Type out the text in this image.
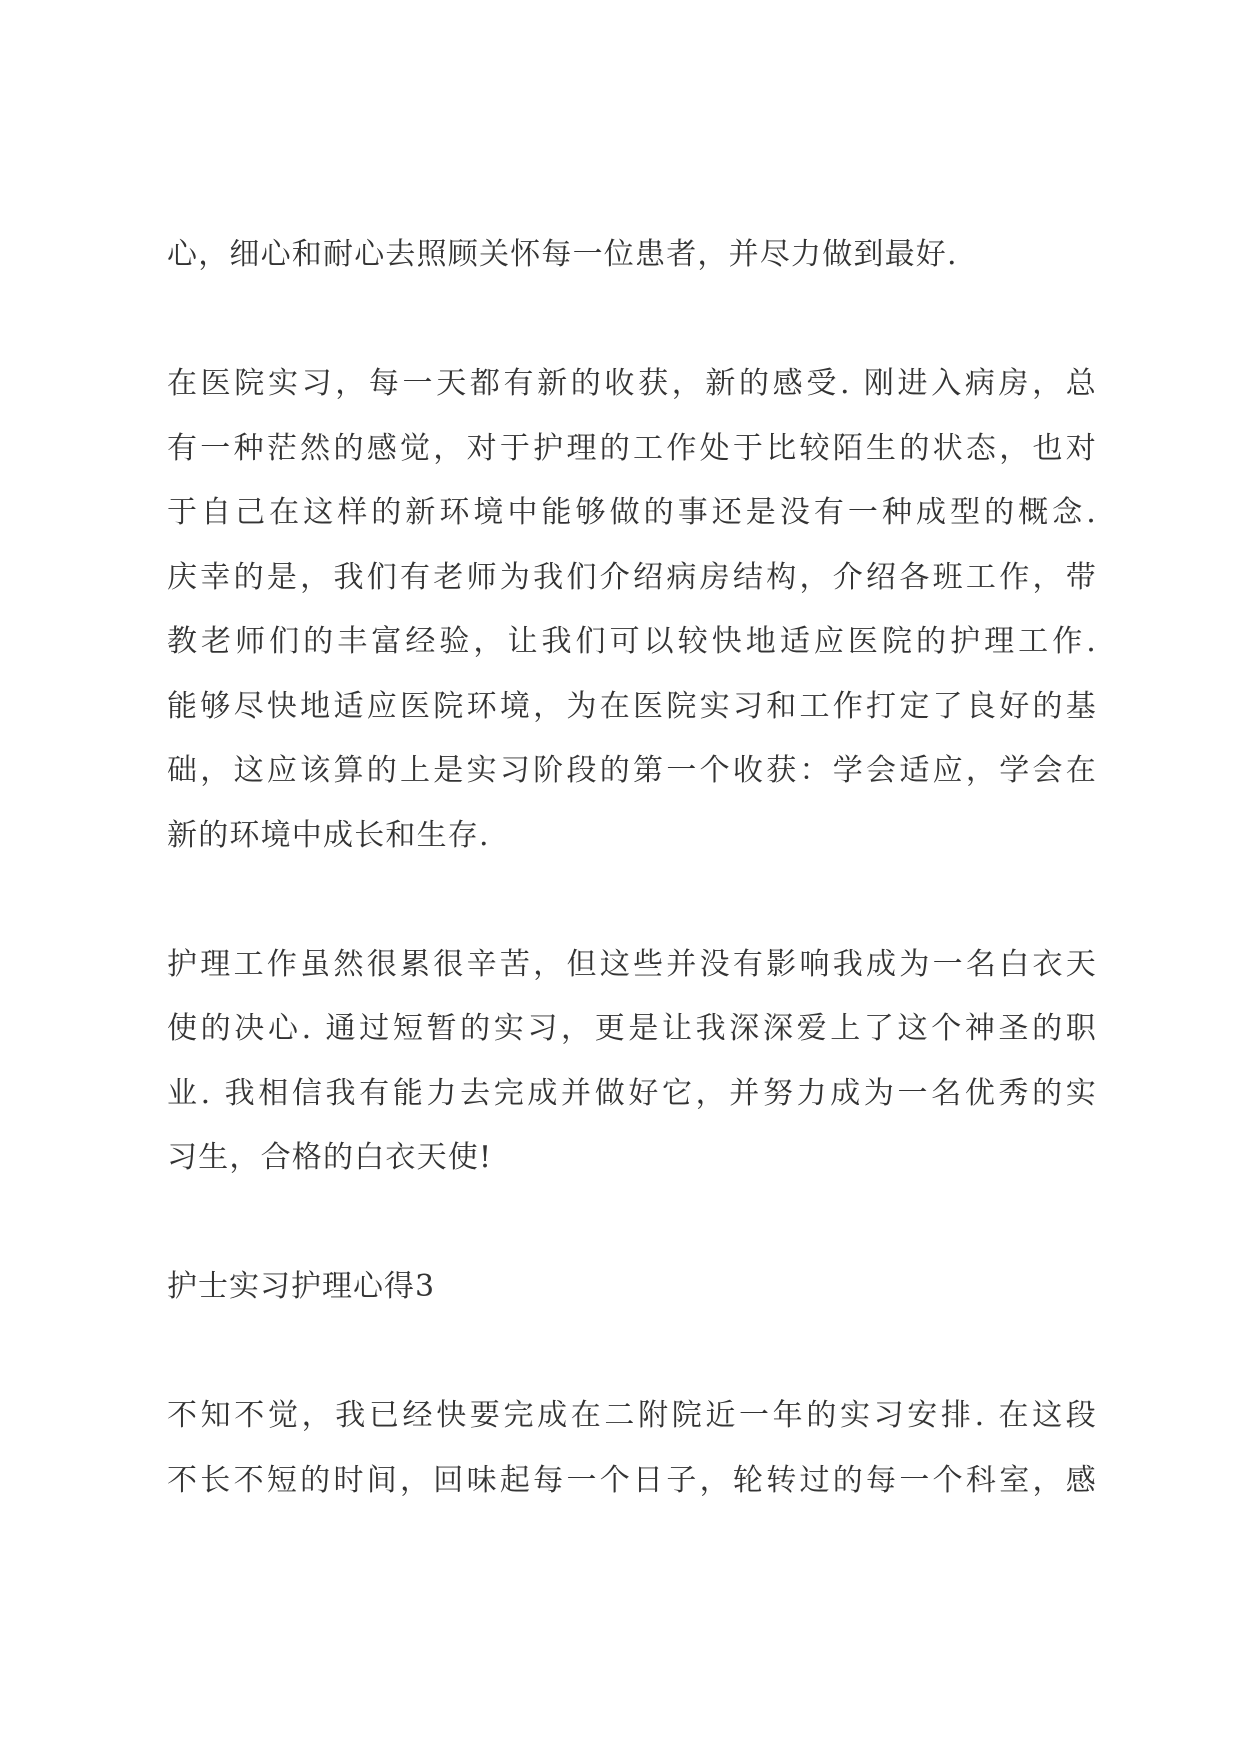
心，细心和耐心去照顾关怀每一位患者，并尽力做到最好.
在医院实习，每一天都有新的收获，新的感受. 刚进入病房，总
有一种茫然的感觉，对于护理的工作处于比较陌生的状态，也对
于自己在这样的新环境中能够做的事还是没有一种成型的概念.
庆幸的是，我们有老师为我们介绍病房结构，介绍各班工作，带
教老师们的丰富经验，让我们可以较快地适应医院的护理工作.
能够尽快地适应医院环境，为在医院实习和工作打定了良好的基
础，这应该算的上是实习阶段的第一个收获：学会适应，学会在
新的环境中成长和生存.
护理工作虽然很累很辛苦，但这些并没有影响我成为一名白衣天
使的决心. 通过短暂的实习，更是让我深深爱上了这个神圣的职
业. 我相信我有能力去完成并做好它，并努力成为一名优秀的实
习生，合格的白衣天使!
护士实习护理心得3
不知不觉，我已经快要完成在二附院近一年的实习安排. 在这段
不长不短的时间，回味起每一个日子，轮转过的每一个科室，感
